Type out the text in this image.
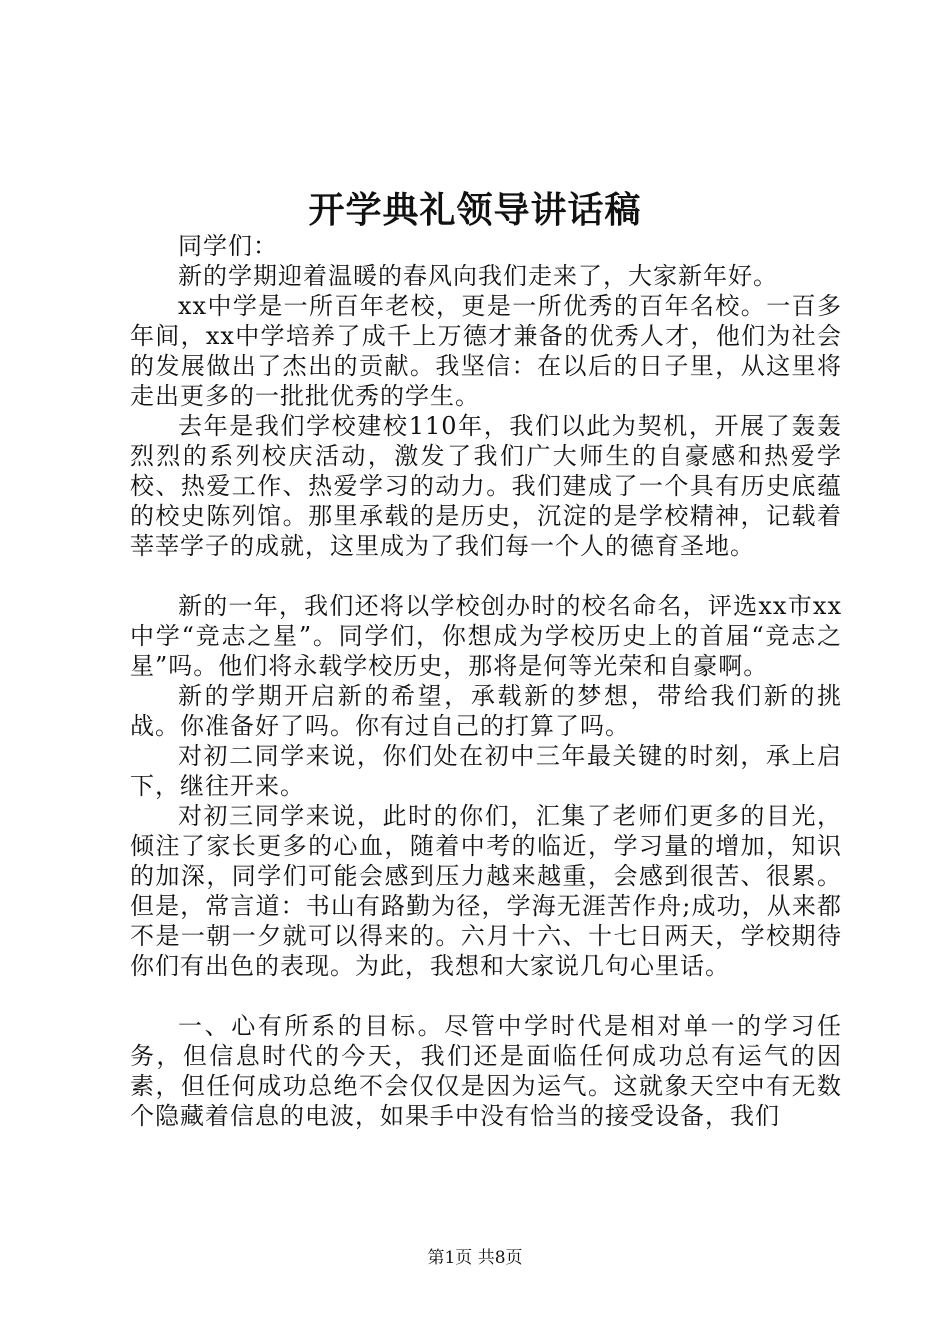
开学典礼领导讲话稿

同学们：

新的学期迎着温暖的春风向我们走来了，大家新年好。

xx中学是一所百年老校，更是一所优秀的百年名校。一百多年间，xx中学培养了成千上万德才兼备的优秀人才，他们为社会的发展做出了杰出的贡献。我坚信：在以后的日子里，从这里将走出更多的一批批优秀的学生。

去年是我们学校建校110年，我们以此为契机，开展了轰轰烈烈的系列校庆活动，激发了我们广大师生的自豪感和热爱学校、热爱工作、热爱学习的动力。我们建成了一个具有历史底蕴的校史陈列馆。那里承载的是历史，沉淀的是学校精神，记载着莘莘学子的成就，这里成为了我们每一个人的德育圣地。

新的一年，我们还将以学校创办时的校名命名，评选xx市xx中学“竞志之星”。同学们，你想成为学校历史上的首届“竞志之星”吗。他们将永载学校历史，那将是何等光荣和自豪啊。

新的学期开启新的希望，承载新的梦想，带给我们新的挑战。你准备好了吗。你有过自己的打算了吗。

对初二同学来说，你们处在初中三年最关键的时刻，承上启下，继往开来。

对初三同学来说，此时的你们，汇集了老师们更多的目光，倾注了家长更多的心血，随着中考的临近，学习量的增加，知识的加深，同学们可能会感到压力越来越重，会感到很苦、很累。但是，常言道：书山有路勤为径，学海无涯苦作舟;成功，从来都不是一朝一夕就可以得来的。六月十六、十七日两天，学校期待你们有出色的表现。为此，我想和大家说几句心里话。

一、心有所系的目标。尽管中学时代是相对单一的学习任务，但信息时代的今天，我们还是面临任何成功总有运气的因素，但任何成功总绝不会仅仅是因为运气。这就象天空中有无数个隐藏着信息的电波，如果手中没有恰当的接受设备，我们

第1页 共8页
